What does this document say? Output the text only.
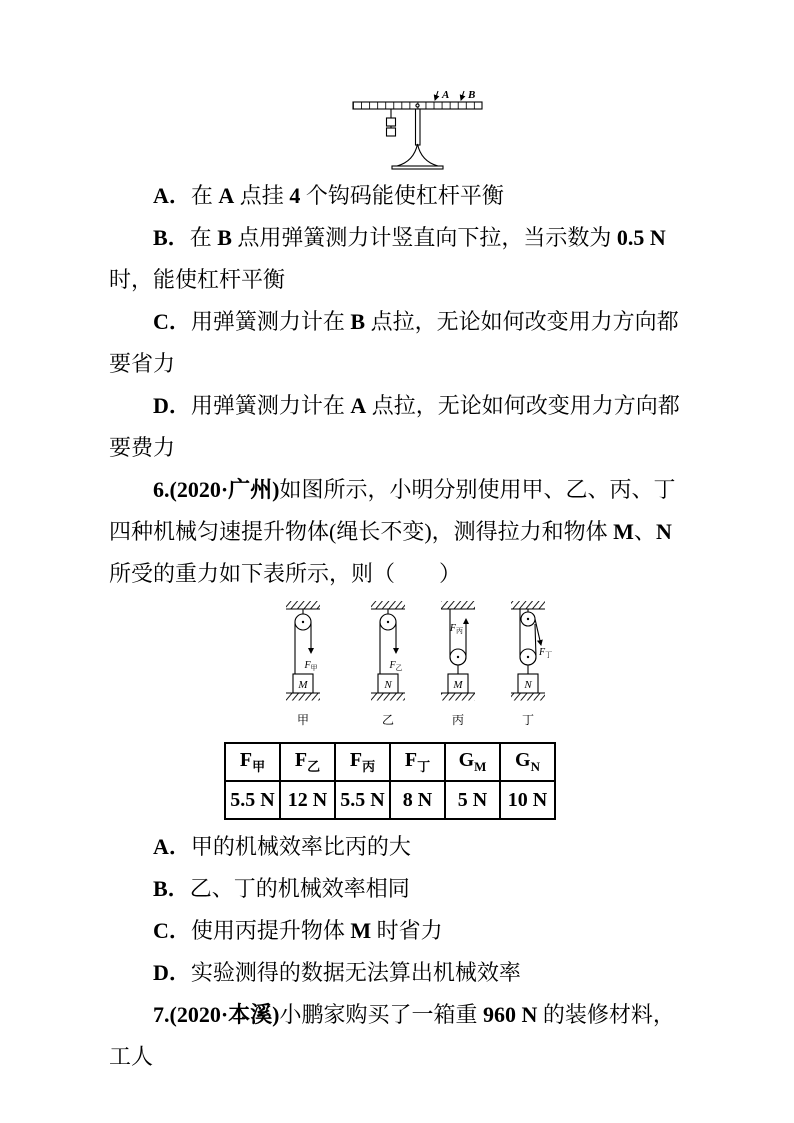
A B

A．在 A 点挂 4 个钩码能使杠杆平衡

B．在 B 点用弹簧测力计竖直向下拉，当示数为 0.5 N 时，能使杠杆平衡

C．用弹簧测力计在 B 点拉，无论如何改变用力方向都要省力

D．用弹簧测力计在 A 点拉，无论如何改变用力方向都要费力

6.(2020·广州)如图所示，小明分别使用甲、乙、丙、丁四种机械匀速提升物体(绳长不变)，测得拉力和物体 M、N 所受的重力如下表所示，则（　　）

F甲
M
甲
F乙
N
乙
F丙
M
丙
F丁
N
丁
$F_甲$	$F_乙$	$F_丙$	$F_丁$	$G_M$	$G_N$
5.5 N	12 N	5.5 N	8 N	5 N	10 N

A．甲的机械效率比丙的大

B．乙、丁的机械效率相同

C．使用丙提升物体 M 时省力

D．实验测得的数据无法算出机械效率

7.(2020·本溪)小鹏家购买了一箱重 960 N 的装修材料，工人
